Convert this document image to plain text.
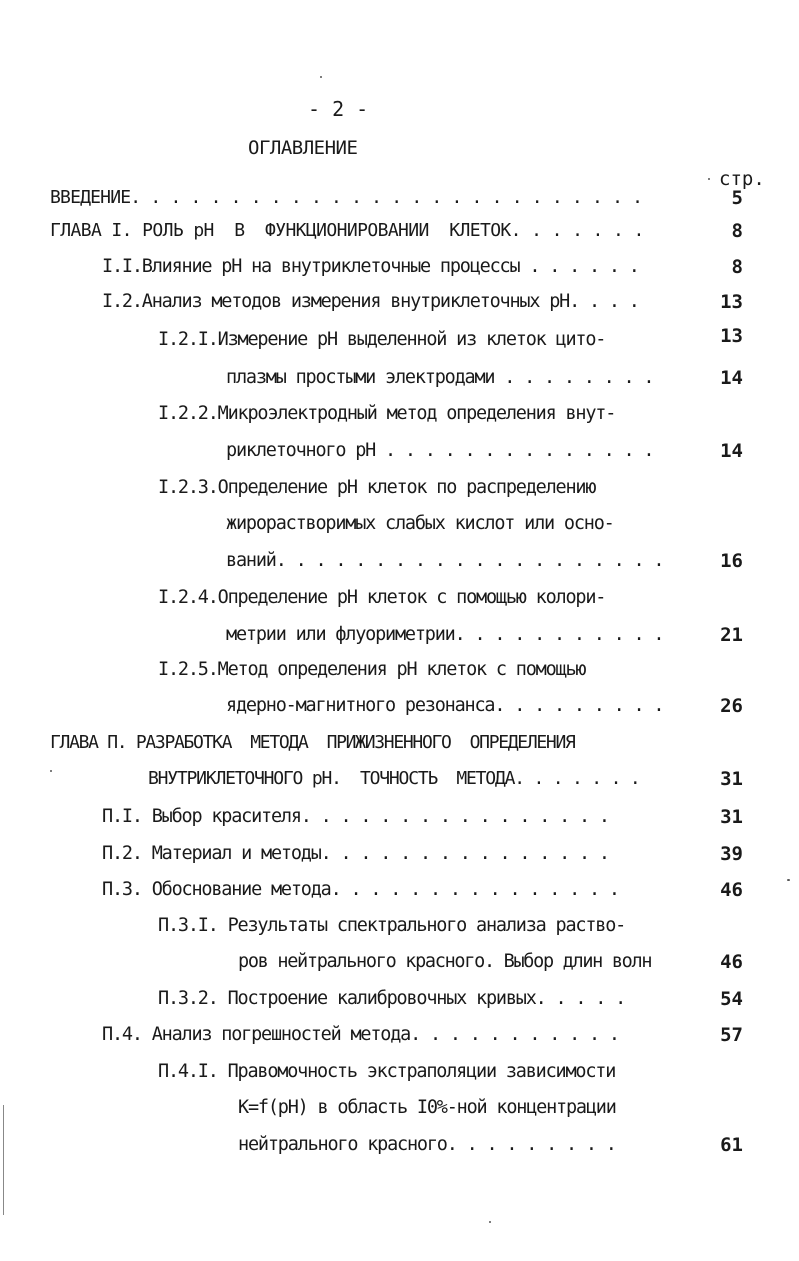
- 2 -
ОГЛАВЛЕНИЕ
стр.
ВВЕДЕНИЕ. . . . . . . . . . . . . . . . . . . . . . . . . .	5
ГЛАВА I. РОЛЬ pH  В  ФУНКЦИОНИРОВАНИИ  КЛЕТОК. . . . . . .	8
I.I.Влияние pH на внутриклеточные процессы . . . . . .	8
I.2.Анализ методов измерения внутриклеточных pH. . . .	13
I.2.I.Измерение pH выделенной из клеток цито-	13
плазмы простыми электродами . . . . . . . .	14
I.2.2.Микроэлектродный метод определения внут-
риклеточного pH . . . . . . . . . . . . . .	14
I.2.3.Определение pH клеток по распределению
жирорастворимых слабых кислот или осно-
ваний. . . . . . . . . . . . . . . . . . . .	16
I.2.4.Определение pH клеток с помощью колори-
метрии или флуориметрии. . . . . . . . . . .	21
I.2.5.Метод определения pH клеток с помощью
ядерно-магнитного резонанса. . . . . . . . .	26
ГЛАВА П. РАЗРАБОТКА  МЕТОДА  ПРИЖИЗНЕННОГО  ОПРЕДЕЛЕНИЯ
ВНУТРИКЛЕТОЧНОГО pH.  ТОЧНОСТЬ  МЕТОДА. . . . . . .	31
П.I. Выбор красителя. . . . . . . . . . . . . . . .	31
П.2. Материал и методы. . . . . . . . . . . . . . .	39
П.3. Обоснование метода. . . . . . . . . . . . . . .	46
П.3.I. Результаты спектрального анализа раство-
ров нейтрального красного. Выбор длин волн	46
П.3.2. Построение калибровочных кривых. . . . .	54
П.4. Анализ погрешностей метода. . . . . . . . . . .	57
П.4.I. Правомочность экстраполяции зависимости
K=f(pH) в область I0%-ной концентрации
нейтрального красного. . . . . . . . .	61
